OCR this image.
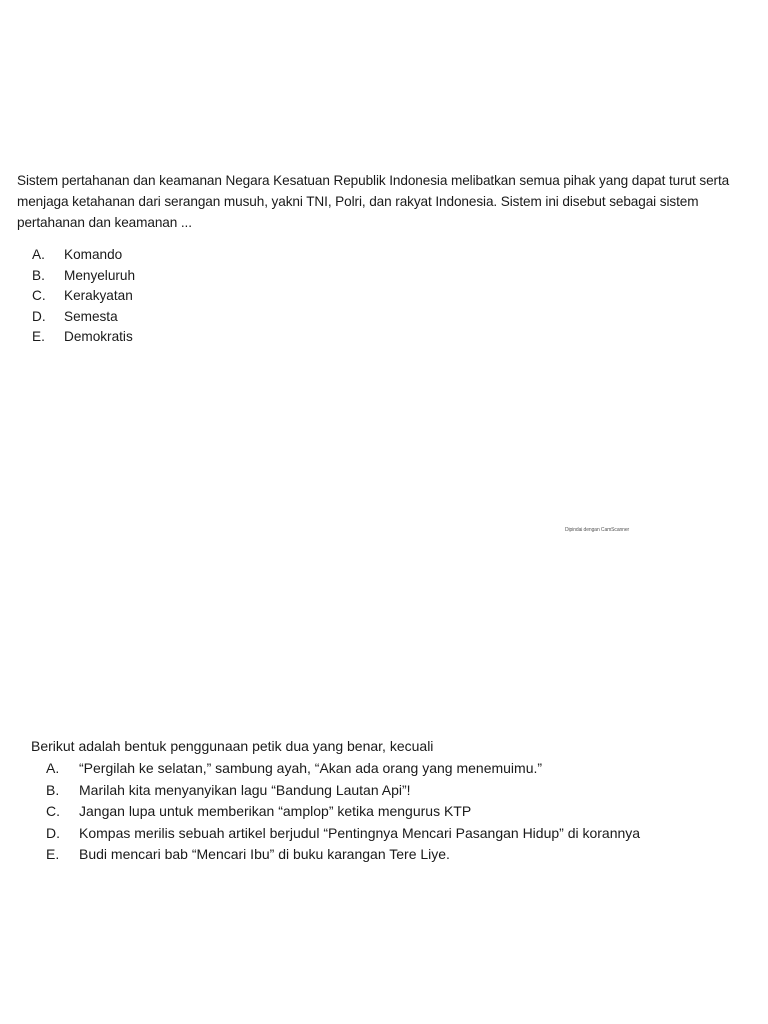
Sistem pertahanan dan keamanan Negara Kesatuan Republik Indonesia melibatkan semua pihak yang dapat turut serta menjaga ketahanan dari serangan musuh, yakni TNI, Polri, dan rakyat Indonesia. Sistem ini disebut sebagai sistem pertahanan dan keamanan ...

A.	Komando
B.	Menyeluruh
C.	Kerakyatan
D.	Semesta
E.	Demokratis
Dipindai dengan CamScanner

Berikut adalah bentuk penggunaan petik dua yang benar, kecuali

A.	“Pergilah ke selatan,” sambung ayah, “Akan ada orang yang menemuimu.”
B.	Marilah kita menyanyikan lagu “Bandung Lautan Api”!
C.	Jangan lupa untuk memberikan “amplop” ketika mengurus KTP
D.	Kompas merilis sebuah artikel berjudul “Pentingnya Mencari Pasangan Hidup” di korannya
E.	Budi mencari bab “Mencari Ibu” di buku karangan Tere Liye.
